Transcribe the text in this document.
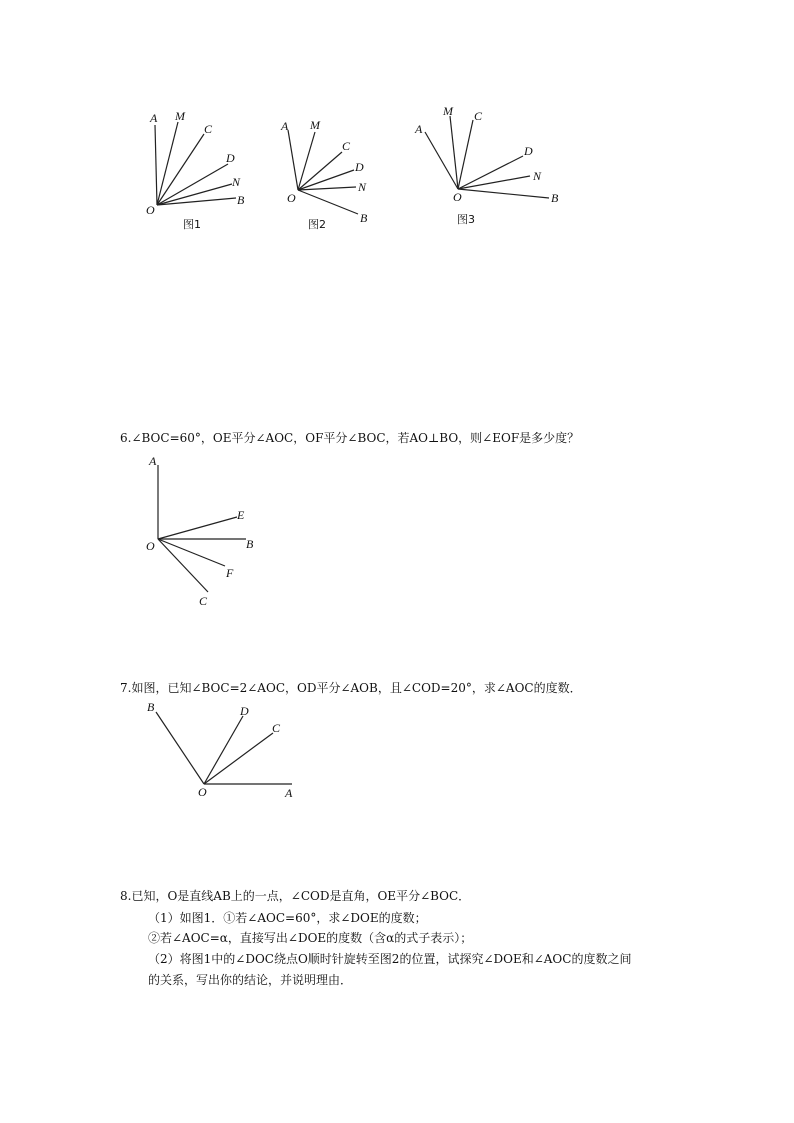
A M
C
D
N
B
O
图1
A M
C
D
N
B
O
图2
A
M C
D
N
B
O
图3
6.∠BOC=60°，OE平分∠AOC，OF平分∠BOC，若AO⊥BO，则∠EOF是多少度？
A
E
O	B
F
C
7.如图，已知∠BOC=2∠AOC，OD平分∠AOB，且∠COD=20°，求∠AOC的度数．
B	D
C
O	A
8.已知，O是直线AB上的一点，∠COD是直角，OE平分∠BOC．
（1）如图1．①若∠AOC=60°，求∠DOE的度数；
②若∠AOC=α，直接写出∠DOE的度数（含α的式子表示）；
（2）将图1中的∠DOC绕点O顺时针旋转至图2的位置，试探究∠DOE和∠AOC的度数之间
的关系，写出你的结论，并说明理由．
